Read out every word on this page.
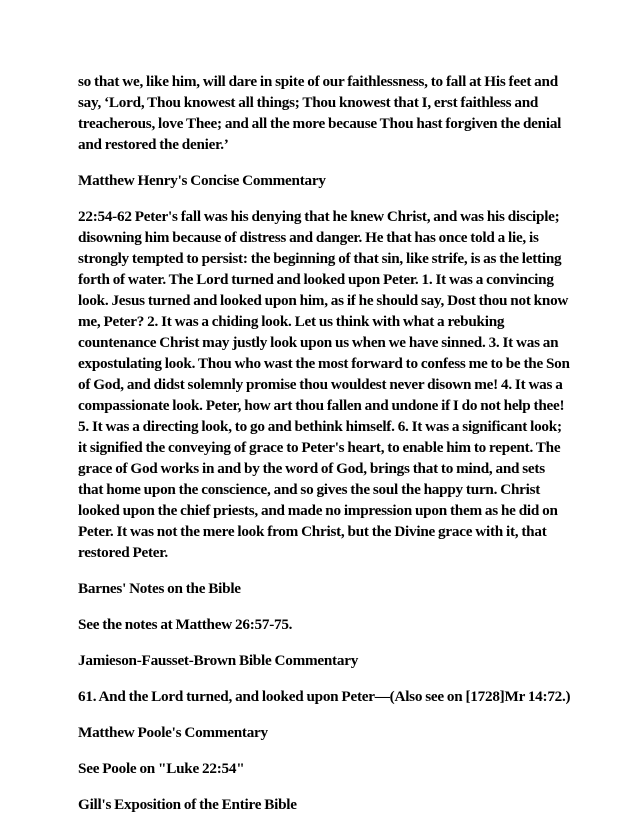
so that we, like him, will dare in spite of our faithlessness, to fall at His feet and say, ‘Lord, Thou knowest all things; Thou knowest that I, erst faithless and treacherous, love Thee; and all the more because Thou hast forgiven the denial and restored the denier.’

Matthew Henry's Concise Commentary

22:54-62 Peter's fall was his denying that he knew Christ, and was his disciple; disowning him because of distress and danger. He that has once told a lie, is strongly tempted to persist: the beginning of that sin, like strife, is as the letting forth of water. The Lord turned and looked upon Peter. 1. It was a convincing look. Jesus turned and looked upon him, as if he should say, Dost thou not know me, Peter? 2. It was a chiding look. Let us think with what a rebuking countenance Christ may justly look upon us when we have sinned. 3. It was an expostulating look. Thou who wast the most forward to confess me to be the Son of God, and didst solemnly promise thou wouldest never disown me! 4. It was a compassionate look. Peter, how art thou fallen and undone if I do not help thee! 5. It was a directing look, to go and bethink himself. 6. It was a significant look; it signified the conveying of grace to Peter's heart, to enable him to repent. The grace of God works in and by the word of God, brings that to mind, and sets that home upon the conscience, and so gives the soul the happy turn. Christ looked upon the chief priests, and made no impression upon them as he did on Peter. It was not the mere look from Christ, but the Divine grace with it, that restored Peter.

Barnes' Notes on the Bible

See the notes at Matthew 26:57-75.

Jamieson-Fausset-Brown Bible Commentary

61. And the Lord turned, and looked upon Peter—(Also see on [1728]Mr 14:72.)

Matthew Poole's Commentary

See Poole on "Luke 22:54"

Gill's Exposition of the Entire Bible
